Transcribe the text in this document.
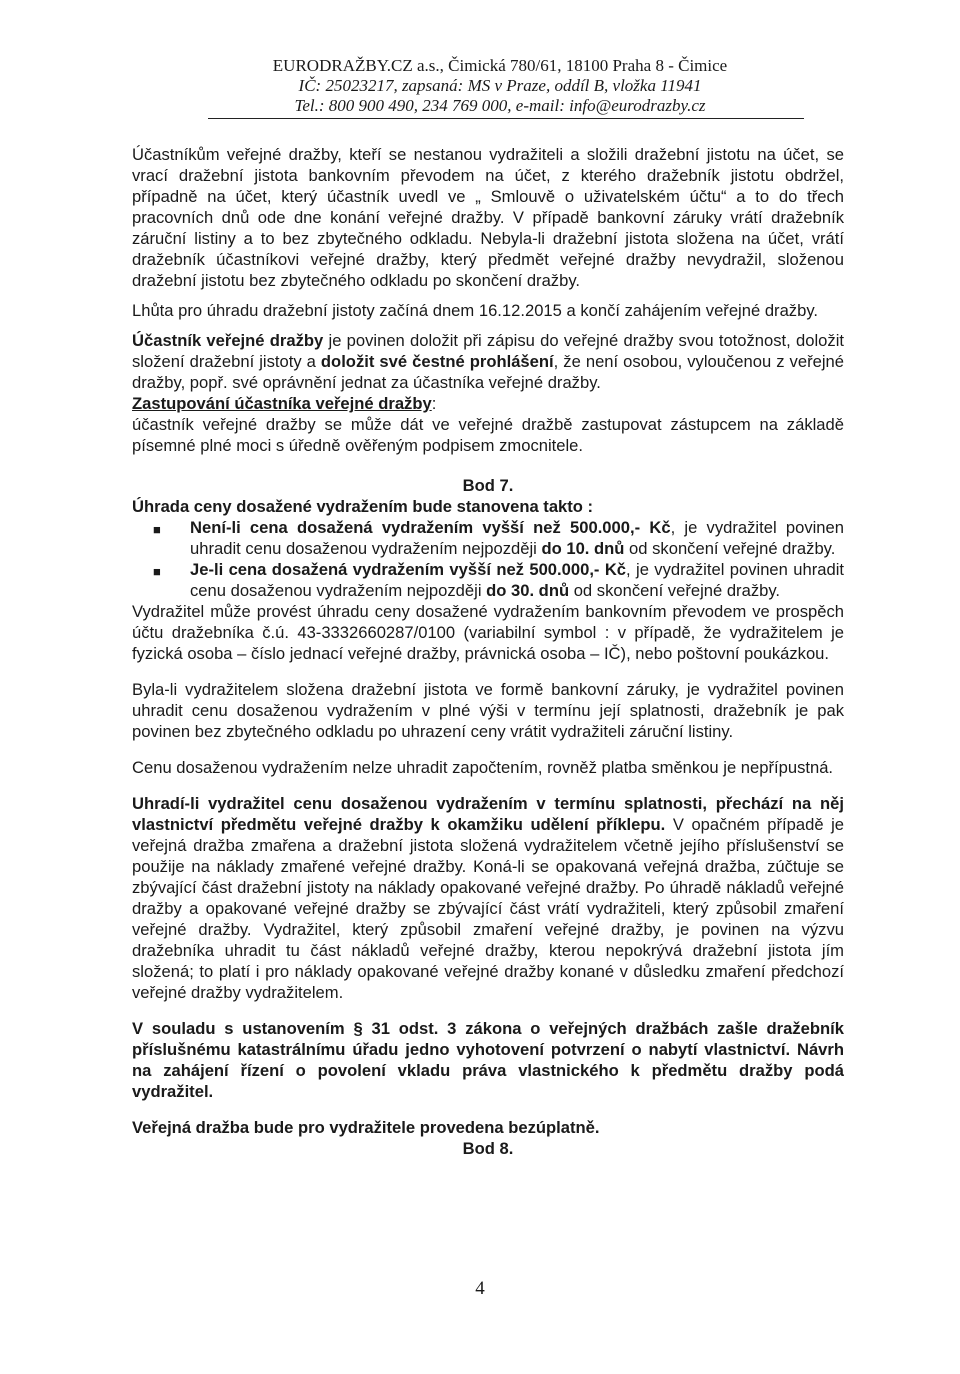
EURODRAŽBY.CZ a.s., Čimická 780/61, 18100 Praha 8 - Čimice
IČ: 25023217, zapsaná: MS v Praze, oddíl B, vložka 11941
Tel.: 800 900 490, 234 769 000, e-mail: info@eurodrazby.cz

Účastníkům veřejné dražby, kteří se nestanou vydražiteli a složili dražební jistotu na účet, se vrací dražební jistota bankovním převodem na účet, z kterého dražebník jistotu obdržel, případně na účet, který účastník uvedl ve „ Smlouvě o uživatelském účtu“ a to do třech pracovních dnů ode dne konání veřejné dražby. V případě bankovní záruky vrátí dražebník záruční listiny a to bez zbytečného odkladu. Nebyla-li dražební jistota složena na účet, vrátí dražebník účastníkovi veřejné dražby, který předmět veřejné dražby nevydražil, složenou dražební jistotu bez zbytečného odkladu po skončení dražby.

Lhůta pro úhradu dražební jistoty začíná dnem 16.12.2015 a končí zahájením veřejné dražby.

Účastník veřejné dražby je povinen doložit při zápisu do veřejné dražby svou totožnost, doložit složení dražební jistoty a doložit své čestné prohlášení, že není osobou, vyloučenou z veřejné dražby, popř. své oprávnění jednat za účastníka veřejné dražby.

Zastupování účastníka veřejné dražby:
účastník veřejné dražby se může dát ve veřejné dražbě zastupovat zástupcem na základě písemné plné moci s úředně ověřeným podpisem zmocnitele.

Bod 7.

Úhrada ceny dosažené vydražením bude stanovena takto :

■ Není-li cena dosažená vydražením vyšší než 500.000,- Kč, je vydražitel povinen uhradit cenu dosaženou vydražením nejpozději do 10. dnů od skončení veřejné dražby.
■ Je-li cena dosažená vydražením vyšší než 500.000,- Kč, je vydražitel povinen uhradit cenu dosaženou vydražením nejpozději do 30. dnů od skončení veřejné dražby.

Vydražitel může provést úhradu ceny dosažené vydražením bankovním převodem ve prospěch účtu dražebníka č.ú. 43-3332660287/0100 (variabilní symbol : v případě, že vydražitelem je fyzická osoba – číslo jednací veřejné dražby, právnická osoba – IČ), nebo poštovní poukázkou.

Byla-li vydražitelem složena dražební jistota ve formě bankovní záruky, je vydražitel povinen uhradit cenu dosaženou vydražením v plné výši v termínu její splatnosti, dražebník je pak povinen bez zbytečného odkladu po uhrazení ceny vrátit vydražiteli záruční listiny.

Cenu dosaženou vydražením nelze uhradit započtením, rovněž platba směnkou je nepřípustná.

Uhradí-li vydražitel cenu dosaženou vydražením v termínu splatnosti, přechází na něj vlastnictví předmětu veřejné dražby k okamžiku udělení příklepu. V opačném případě je veřejná dražba zmařena a dražební jistota složená vydražitelem včetně jejího příslušenství se použije na náklady zmařené veřejné dražby. Koná-li se opakovaná veřejná dražba, zúčtuje se zbývající část dražební jistoty na náklady opakované veřejné dražby. Po úhradě nákladů veřejné dražby a opakované veřejné dražby se zbývající část vrátí vydražiteli, který způsobil zmaření veřejné dražby. Vydražitel, který způsobil zmaření veřejné dražby, je povinen na výzvu dražebníka uhradit tu část nákladů veřejné dražby, kterou nepokrývá dražební jistota jím složená; to platí i pro náklady opakované veřejné dražby konané v důsledku zmaření předchozí veřejné dražby vydražitelem.

V souladu s ustanovením § 31 odst. 3 zákona o veřejných dražbách zašle dražebník příslušnému katastrálnímu úřadu jedno vyhotovení potvrzení o nabytí vlastnictví. Návrh na zahájení řízení o povolení vkladu práva vlastnického k předmětu dražby podá vydražitel.

Veřejná dražba bude pro vydražitele provedena bezúplatně.

Bod 8.

4
